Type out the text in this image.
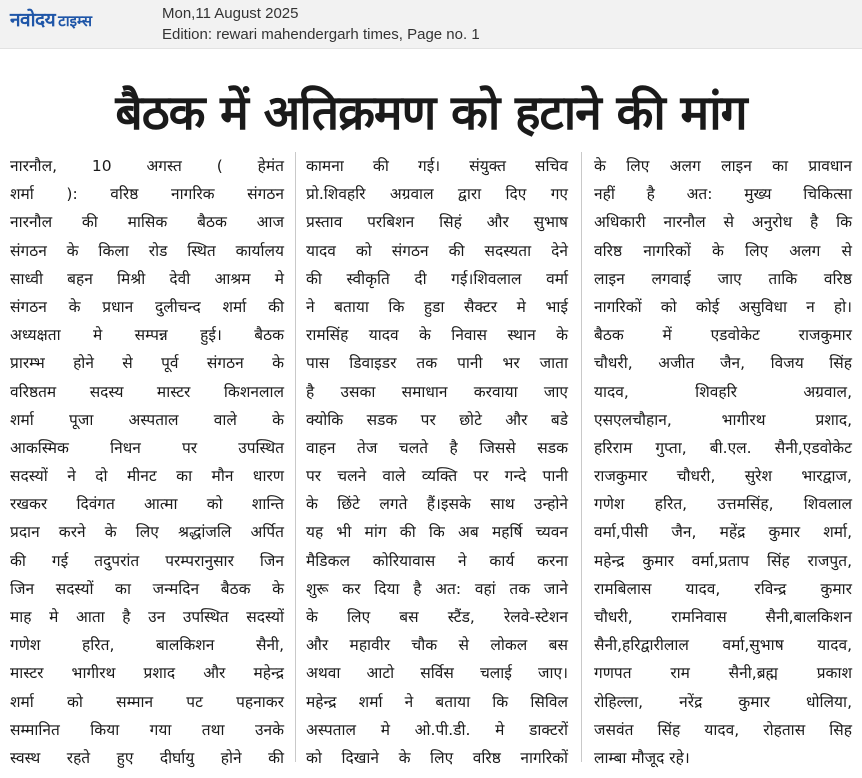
नवोदय टाइम्स	Mon,11 August 2025
Edition: rewari mahendergarh times, Page no. 1
बैठक में अतिक्रमण को हटाने की मांग
नारनौल, 10 अगस्त ( हेमंत
शर्मा ): वरिष्ठ नागरिक संगठन
नारनौल की मासिक बैठक आज
संगठन के किला रोड स्थित कार्यालय
साध्वी बहन मिश्री देवी आश्रम मे
संगठन के प्रधान दुलीचन्द शर्मा की
अध्यक्षता मे सम्पन्न हुई। बैठक
प्रारम्भ होने से पूर्व संगठन के
वरिष्ठतम सदस्य मास्टर किशनलाल
शर्मा पूजा अस्पताल वाले के
आकस्मिक निधन पर उपस्थित
सदस्यों ने दो मीनट का मौन धारण
रखकर दिवंगत आत्मा को शान्ति
प्रदान करने के लिए श्रद्धांजलि अर्पित
की गई तदुपरांत परम्परानुसार जिन
जिन सदस्यों का जन्मदिन बैठक के
माह मे आता है उन उपस्थित सदस्यों
गणेश हरित, बालकिशन सैनी,
मास्टर भागीरथ प्रशाद और महेन्द्र
शर्मा को सम्मान पट पहनाकर
सम्मानित किया गया तथा उनके
स्वस्थ रहते हुए दीर्घायु होने की
कामना की गई। संयुक्त सचिव
प्रो.शिवहरि अग्रवाल द्वारा दिए गए
प्रस्ताव परबिशन सिहं और सुभाष
यादव को संगठन की सदस्यता देने
की स्वीकृति दी गई।शिवलाल वर्मा
ने बताया कि हुडा सैक्टर मे भाई
रामसिंह यादव के निवास स्थान के
पास डिवाइडर तक पानी भर जाता
है उसका समाधान करवाया जाए
क्योकि सडक पर छोटे और बडे
वाहन तेज चलते है जिससे सडक
पर चलने वाले व्यक्ति पर गन्दे पानी
के छिंटे लगते हैं।इसके साथ उन्होने
यह भी मांग की कि अब महर्षि च्यवन
मैडिकल कोरियावास ने कार्य करना
शुरू कर दिया है अत: वहां तक जाने
के लिए बस स्टैंड, रेलवे-स्टेशन
और महावीर चौक से लोकल बस
अथवा आटो सर्विस चलाई जाए।
महेन्द्र शर्मा ने बताया कि सिविल
अस्पताल मे ओ.पी.डी. मे डाक्टरों
को दिखाने के लिए वरिष्ठ नागरिकों
के लिए अलग लाइन का प्रावधान
नहीं है अत: मुख्य चिकित्सा
अधिकारी नारनौल से अनुरोध है कि
वरिष्ठ नागरिकों के लिए अलग से
लाइन लगवाई जाए ताकि वरिष्ठ
नागरिकों को कोई असुविधा न हो।
बैठक में एडवोकेट राजकुमार
चौधरी, अजीत जैन, विजय सिंह
यादव, शिवहरि अग्रवाल,
एसएलचौहान, भागीरथ प्रशाद,
हरिराम गुप्ता, बी.एल. सैनी,एडवोकेट
राजकुमार चौधरी, सुरेश भारद्वाज,
गणेश हरित, उत्तमसिंह, शिवलाल
वर्मा,पीसी जैन, महेंद्र कुमार शर्मा,
महेन्द्र कुमार वर्मा,प्रताप सिंह राजपुत,
रामबिलास यादव, रविन्द्र कुमार
चौधरी, रामनिवास सैनी,बालकिशन
सैनी,हरिद्वारीलाल वर्मा,सुभाष यादव,
गणपत राम सैनी,ब्रह्म प्रकाश
रोहिल्ला, नरेंद्र कुमार धोलिया,
जसवंत सिंह यादव, रोहतास सिह
लाम्बा मौजूद रहे।
